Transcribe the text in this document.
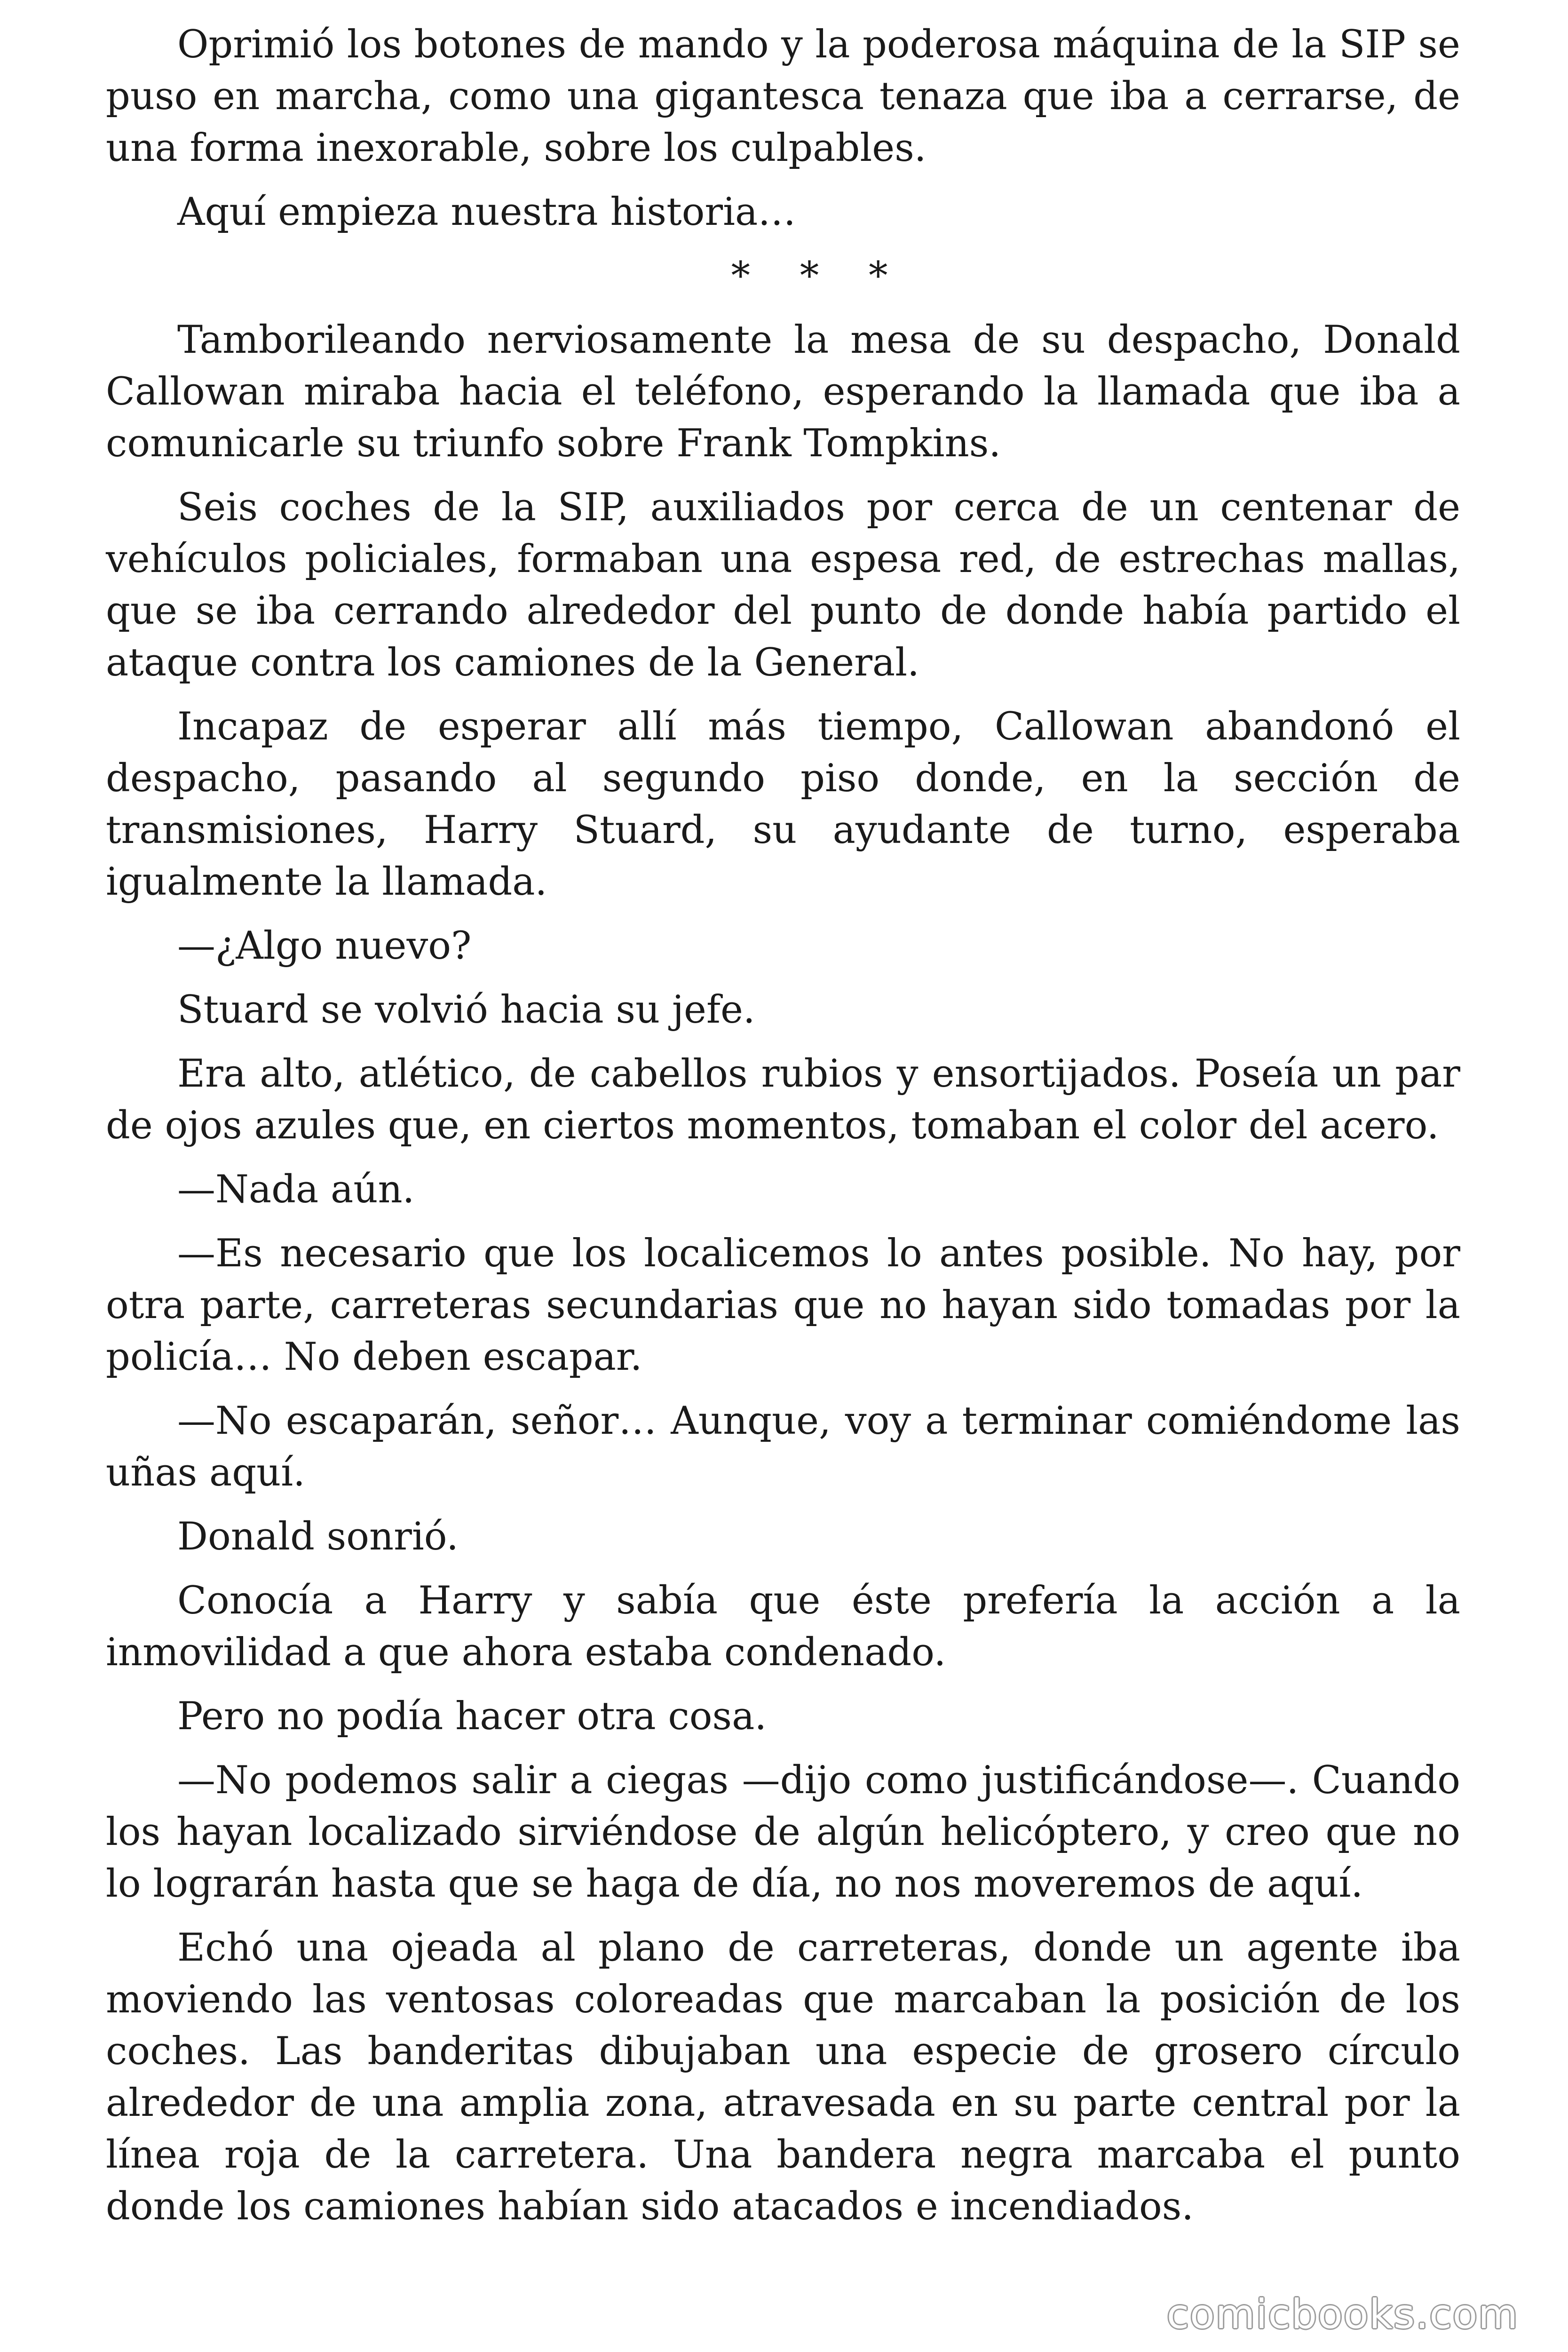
Oprimió los botones de mando y la poderosa máquina de la SIP se puso en marcha, como una gigantesca tenaza que iba a cerrarse, de una forma inexorable, sobre los culpables.

Aquí empieza nuestra historia…

* * *

Tamborileando nerviosamente la mesa de su despacho, Donald Callowan miraba hacia el teléfono, esperando la llamada que iba a comunicarle su triunfo sobre Frank Tompkins.

Seis coches de la SIP, auxiliados por cerca de un centenar de vehículos policiales, formaban una espesa red, de estrechas mallas, que se iba cerrando alrededor del punto de donde había partido el ataque contra los camiones de la General.

Incapaz de esperar allí más tiempo, Callowan abandonó el despacho, pasando al segundo piso donde, en la sección de transmisiones, Harry Stuard, su ayudante de turno, esperaba igualmente la llamada.

—¿Algo nuevo?

Stuard se volvió hacia su jefe.

Era alto, atlético, de cabellos rubios y ensortijados. Poseía un par de ojos azules que, en ciertos momentos, tomaban el color del acero.

—Nada aún.

—Es necesario que los localicemos lo antes posible. No hay, por otra parte, carreteras secundarias que no hayan sido tomadas por la policía… No deben escapar.

—No escaparán, señor… Aunque, voy a terminar comiéndome las uñas aquí.

Donald sonrió.

Conocía a Harry y sabía que éste prefería la acción a la inmovilidad a que ahora estaba condenado.

Pero no podía hacer otra cosa.

—No podemos salir a ciegas —dijo como justificándose—. Cuando los hayan localizado sirviéndose de algún helicóptero, y creo que no lo lograrán hasta que se haga de día, no nos moveremos de aquí.

Echó una ojeada al plano de carreteras, donde un agente iba moviendo las ventosas coloreadas que marcaban la posición de los coches. Las banderitas dibujaban una especie de grosero círculo alrededor de una amplia zona, atravesada en su parte central por la línea roja de la carretera. Una bandera negra marcaba el punto donde los camiones habían sido atacados e incendiados.

comicbooks.com
